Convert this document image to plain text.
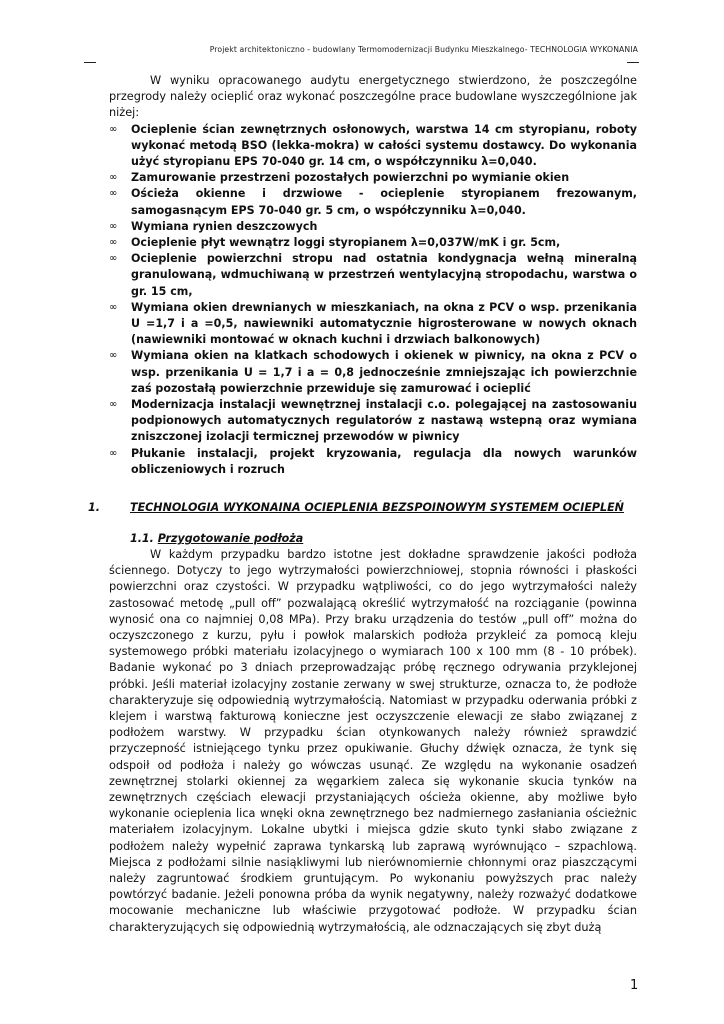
Projekt architektoniczno - budowlany Termomodernizacji Budynku Mieszkalnego- TECHNOLOGIA WYKONANIA

W wyniku opracowanego audytu energetycznego stwierdzono, że poszczególne przegrody należy ocieplić oraz wykonać poszczególne prace budowlane wyszczególnione jak niżej:

∞ Ocieplenie ścian zewnętrznych osłonowych, warstwa 14 cm styropianu, roboty wykonać metodą BSO (lekka-mokra) w całości systemu dostawcy. Do wykonania użyć styropianu EPS 70-040 gr. 14 cm, o współczynniku λ=0,040.
∞ Zamurowanie przestrzeni pozostałych powierzchni po wymianie okien
∞ Ościeża okienne i drzwiowe - ocieplenie styropianem frezowanym, samogasnącym EPS 70-040 gr. 5 cm, o współczynniku λ=0,040.
∞ Wymiana rynien deszczowych
∞ Ocieplenie płyt wewnątrz loggi styropianem λ=0,037W/mK i gr. 5cm,
∞ Ocieplenie powierzchni stropu nad ostatnia kondygnacja wełną mineralną granulowaną, wdmuchiwaną w przestrzeń wentylacyjną stropodachu, warstwa o gr. 15 cm,
∞ Wymiana okien drewnianych w mieszkaniach, na okna z PCV o wsp. przenikania U =1,7 i a =0,5, nawiewniki automatycznie higrosterowane w nowych oknach (nawiewniki montować w oknach kuchni i drzwiach balkonowych)
∞ Wymiana okien na klatkach schodowych i okienek w piwnicy, na okna z PCV o wsp. przenikania U = 1,7 i a = 0,8 jednocześnie zmniejszając ich powierzchnie zaś pozostałą powierzchnie przewiduje się zamurować i ocieplić
∞ Modernizacja instalacji wewnętrznej instalacji c.o. polegającej na zastosowaniu podpionowych automatycznych regulatorów z nastawą wstepną oraz wymiana zniszczonej izolacji termicznej przewodów w piwnicy
∞ Płukanie instalacji, projekt kryzowania, regulacja dla nowych warunków obliczeniowych i rozruch
1.	TECHNOLOGIA WYKONAINA OCIEPLENIA BEZSPOINOWYM SYSTEMEM OCIEPLEŃ
1.1. Przygotowanie podłoża

W każdym przypadku bardzo istotne jest dokładne sprawdzenie jakości podłoża ściennego. Dotyczy to jego wytrzymałości powierzchniowej, stopnia równości i płaskości powierzchni oraz czystości. W przypadku wątpliwości, co do jego wytrzymałości należy zastosować metodę „pull off” pozwalającą określić wytrzymałość na rozciąganie (powinna wynosić ona co najmniej 0,08 MPa). Przy braku urządzenia do testów „pull off” można do oczyszczonego z kurzu, pyłu i powłok malarskich podłoża przykleić za pomocą kleju systemowego próbki materiału izolacyjnego o wymiarach 100 x 100 mm (8 - 10 próbek). Badanie wykonać po 3 dniach przeprowadzając próbę ręcznego odrywania przyklejonej próbki. Jeśli materiał izolacyjny zostanie zerwany w swej strukturze, oznacza to, że podłoże charakteryzuje się odpowiednią wytrzymałością. Natomiast w przypadku oderwania próbki z klejem i warstwą fakturową konieczne jest oczyszczenie elewacji ze słabo związanej z podłożem warstwy. W przypadku ścian otynkowanych należy również sprawdzić przyczepność istniejącego tynku przez opukiwanie. Głuchy dźwięk oznacza, że tynk się odspoił od podłoża i należy go wówczas usunąć. Ze względu na wykonanie osadzeń zewnętrznej stolarki okiennej za węgarkiem zaleca się wykonanie skucia tynków na zewnętrznych częściach elewacji przystaniających ościeża okienne, aby możliwe było wykonanie ocieplenia lica wnęki okna zewnętrznego bez nadmiernego zasłaniania ościeżnic materiałem izolacyjnym. Lokalne ubytki i miejsca gdzie skuto tynki słabo związane z podłożem należy wypełnić zaprawa tynkarską lub zaprawą wyrównująco – szpachlową. Miejsca z podłożami silnie nasiąkliwymi lub nierównomiernie chłonnymi oraz piaszczącymi należy zagruntować środkiem gruntującym. Po wykonaniu powyższych prac należy powtórzyć badanie. Jeżeli ponowna próba da wynik negatywny, należy rozważyć dodatkowe mocowanie mechaniczne lub właściwie przygotować podłoże. W przypadku ścian charakteryzujących się odpowiednią wytrzymałością, ale odznaczających się zbyt dużą

1
